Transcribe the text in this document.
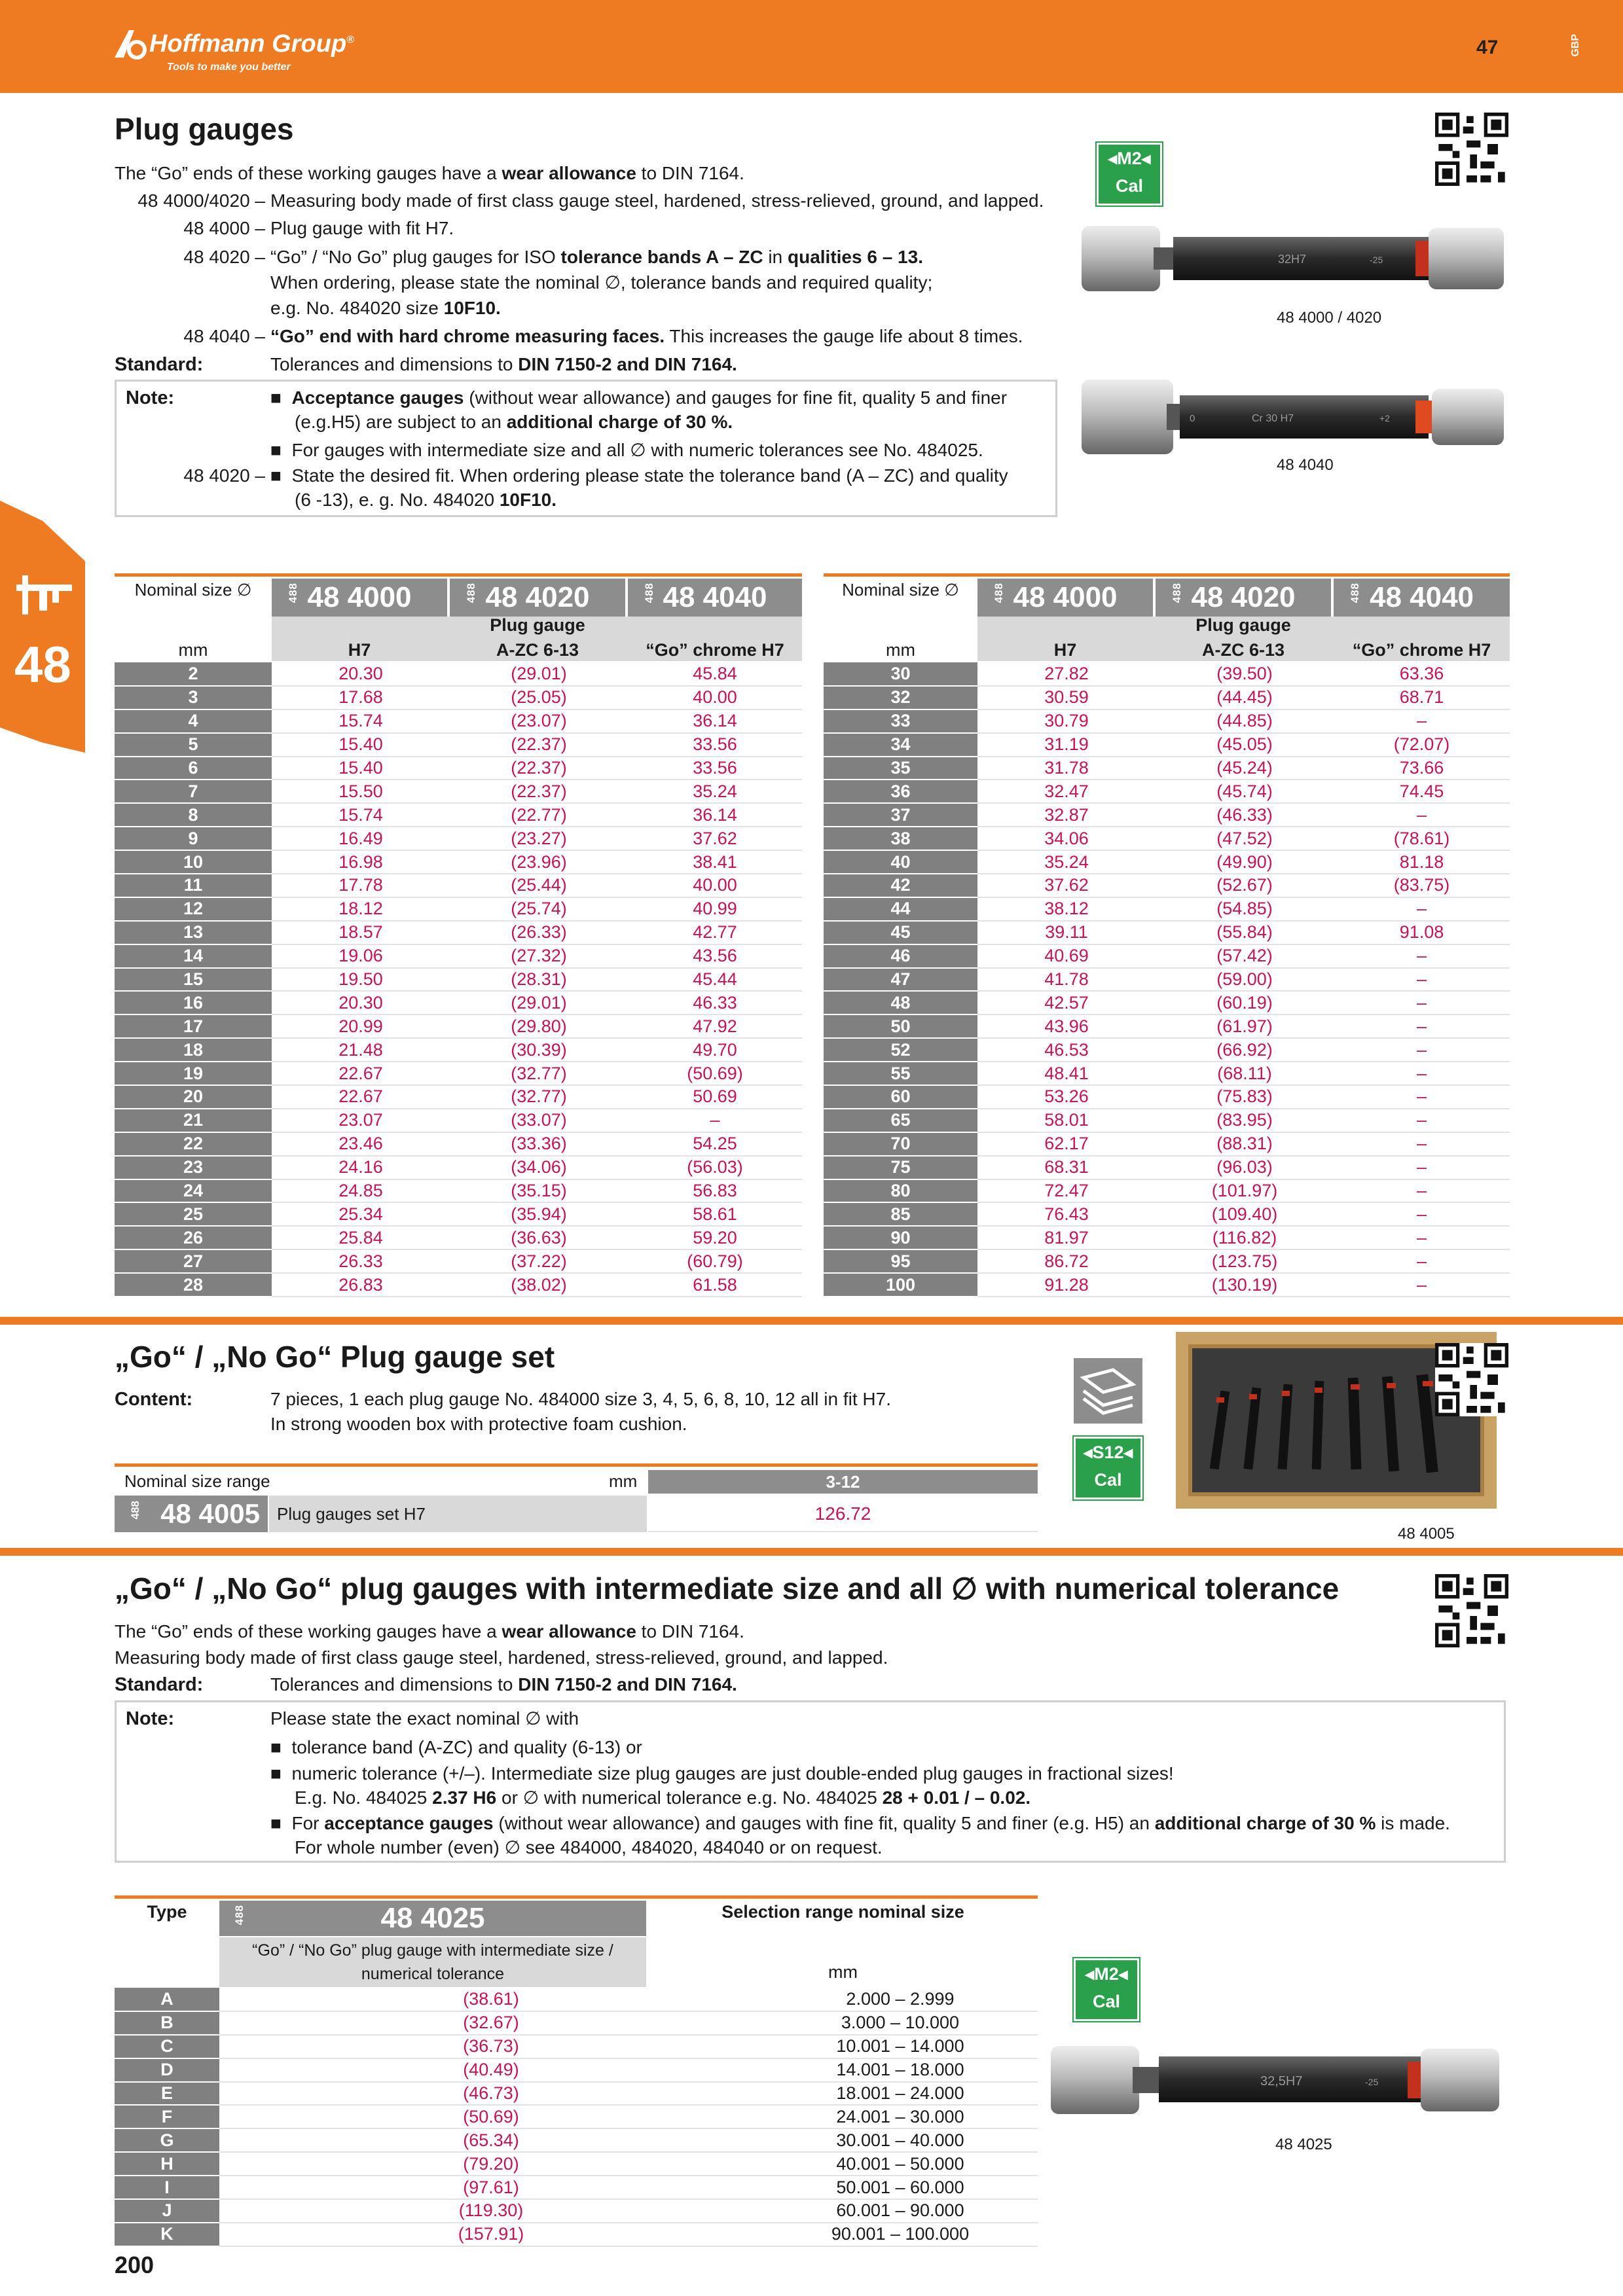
Hoffmann Group®
Tools to make you better
47	GBP
48
Plug gauges
The “Go” ends of these working gauges have a wear allowance to DIN 7164.
48 4000/4020 – Measuring body made of first class gauge steel, hardened, stress-relieved, ground, and lapped.
48 4000 – Plug gauge with fit H7.
48 4020 – “Go” / “No Go” plug gauges for ISO tolerance bands A – ZC in qualities 6 – 13.
When ordering, please state the nominal ∅, tolerance bands and required quality;
e.g. No. 484020 size 10F10.
48 4040 – “Go” end with hard chrome measuring faces. This increases the gauge life about 8 times.
Standard:	Tolerances and dimensions to DIN 7150-2 and DIN 7164.
Note:	■  Acceptance gauges (without wear allowance) and gauges for fine fit, quality 5 and finer
(e.g.H5) are subject to an additional charge of 30 %.
■  For gauges with intermediate size and all ∅ with numeric tolerances see No. 484025.
48 4020 – ■  State the desired fit. When ordering please state the tolerance band (A – ZC) and quality
(6 -13), e. g. No. 484020 10F10.
◂M2◂
Cal
32H7	-25
48 4000 / 4020
0	Cr 30 H7	+2
48 4040
Nominal size ∅	488 48 4000	488 48 4020	488 48 4040
Plug gauge
mm	H7	A-ZC 6-13	“Go” chrome H7
2	20.30	(29.01)	45.84
3	17.68	(25.05)	40.00
4	15.74	(23.07)	36.14
5	15.40	(22.37)	33.56
6	15.40	(22.37)	33.56
7	15.50	(22.37)	35.24
8	15.74	(22.77)	36.14
9	16.49	(23.27)	37.62
10	16.98	(23.96)	38.41
11	17.78	(25.44)	40.00
12	18.12	(25.74)	40.99
13	18.57	(26.33)	42.77
14	19.06	(27.32)	43.56
15	19.50	(28.31)	45.44
16	20.30	(29.01)	46.33
17	20.99	(29.80)	47.92
18	21.48	(30.39)	49.70
19	22.67	(32.77)	(50.69)
20	22.67	(32.77)	50.69
21	23.07	(33.07)	–
22	23.46	(33.36)	54.25
23	24.16	(34.06)	(56.03)
24	24.85	(35.15)	56.83
25	25.34	(35.94)	58.61
26	25.84	(36.63)	59.20
27	26.33	(37.22)	(60.79)
28	26.83	(38.02)	61.58
Nominal size ∅	488 48 4000	488 48 4020	488 48 4040
Plug gauge
mm	H7	A-ZC 6-13	“Go” chrome H7
30	27.82	(39.50)	63.36
32	30.59	(44.45)	68.71
33	30.79	(44.85)	–
34	31.19	(45.05)	(72.07)
35	31.78	(45.24)	73.66
36	32.47	(45.74)	74.45
37	32.87	(46.33)	–
38	34.06	(47.52)	(78.61)
40	35.24	(49.90)	81.18
42	37.62	(52.67)	(83.75)
44	38.12	(54.85)	–
45	39.11	(55.84)	91.08
46	40.69	(57.42)	–
47	41.78	(59.00)	–
48	42.57	(60.19)	–
50	43.96	(61.97)	–
52	46.53	(66.92)	–
55	48.41	(68.11)	–
60	53.26	(75.83)	–
65	58.01	(83.95)	–
70	62.17	(88.31)	–
75	68.31	(96.03)	–
80	72.47	(101.97)	–
85	76.43	(109.40)	–
90	81.97	(116.82)	–
95	86.72	(123.75)	–
100	91.28	(130.19)	–
„Go“ / „No Go“ Plug gauge set
Content:	7 pieces, 1 each plug gauge No. 484000 size 3, 4, 5, 6, 8, 10, 12 all in fit H7.
In strong wooden box with protective foam cushion.
Nominal size range	mm	3-12
488 48 4005	Plug gauges set H7	126.72
◂S12◂
Cal
48 4005
„Go“ / „No Go“ plug gauges with intermediate size and all ∅ with numerical tolerance
The “Go” ends of these working gauges have a wear allowance to DIN 7164.
Measuring body made of first class gauge steel, hardened, stress-relieved, ground, and lapped.
Standard:	Tolerances and dimensions to DIN 7150-2 and DIN 7164.
Note:	Please state the exact nominal ∅ with
■  tolerance band (A-ZC) and quality (6-13) or
■  numeric tolerance (+/–). Intermediate size plug gauges are just double-ended plug gauges in fractional sizes!
E.g. No. 484025 2.37 H6 or ∅ with numerical tolerance e.g. No. 484025 28 + 0.01 / – 0.02.
■  For acceptance gauges (without wear allowance) and gauges with fine fit, quality 5 and finer (e.g. H5) an additional charge of 30 % is made.
For whole number (even) ∅ see 484000, 484020, 484040 or on request.
Type	488	48 4025
“Go” / “No Go” plug gauge with intermediate size /
numerical tolerance
Selection range nominal size
mm
A	(38.61)	2.000 – 2.999
B	(32.67)	3.000 – 10.000
C	(36.73)	10.001 – 14.000
D	(40.49)	14.001 – 18.000
E	(46.73)	18.001 – 24.000
F	(50.69)	24.001 – 30.000
G	(65.34)	30.001 – 40.000
H	(79.20)	40.001 – 50.000
I	(97.61)	50.001 – 60.000
J	(119.30)	60.001 – 90.000
K	(157.91)	90.001 – 100.000
◂M2◂
Cal
32,5H7	-25
48 4025
200
